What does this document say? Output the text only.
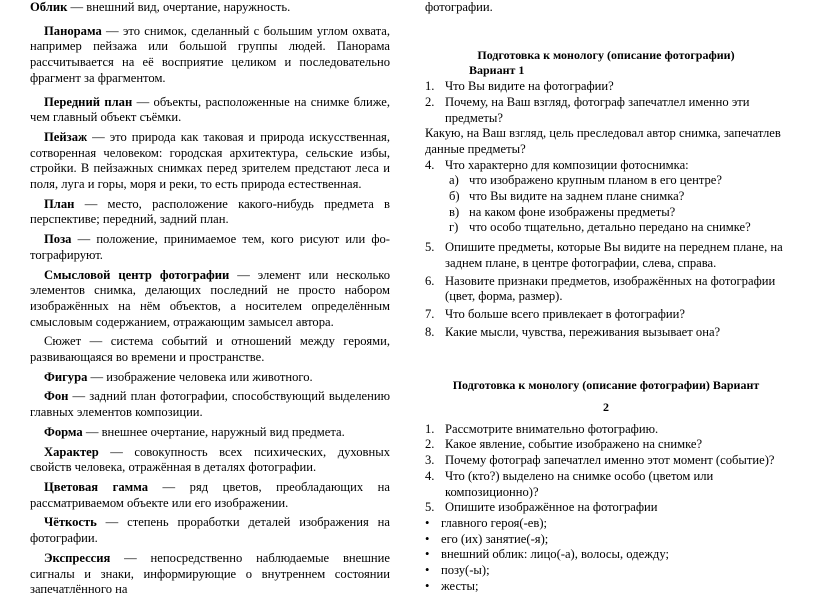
Облик — внешний вид, очертание, наружность.

Панорама — это снимок, сделанный с большим углом охвата, например пейзажа или большой группы людей. Панорама рассчитывается на её восприятие целиком и последовательно фрагмент за фрагментом.

Передний план — объекты, расположенные на снимке ближе, чем главный объект съёмки.

Пейзаж — это природа как таковая и природа искусственная, сотворенная человеком: городская архитектура, сельские избы, стройки. В пейзажных снимках перед зрителем предстают леса и поля, луга и горы, моря и реки, то есть природа естественная.

План — место, расположение какого-нибудь предмета в перспективе; передний, задний план.

Поза — положение, принимаемое тем, кого рисуют или фо-тографируют.

Смысловой центр фотографии — элемент или несколько элементов снимка, делающих последний не просто набором изображённых на нём объектов, а носителем определённым смысловым содержанием, отражающим замысел автора.

Сюжет — система событий и отношений между героями, развивающаяся во времени и пространстве.

Фигура — изображение человека или животного.

Фон — задний план фотографии, способствующий выделению главных элементов композиции.

Форма — внешнее очертание, наружный вид предмета.

Характер — совокупность всех психических, духовных свойств человека, отражённая в деталях фотографии.

Цветовая гамма — ряд цветов, преобладающих на рассматриваемом объекте или его изображении.

Чёткость — степень проработки деталей изображения на фотографии.

Экспрессия — непосредственно наблюдаемые внешние сигналы и знаки, информирующие о внутреннем состоянии запечатлённого на

фотографии.

Подготовка к монологу (описание фотографии)

Вариант 1

1. Что Вы видите на фотографии?
2. Почему, на Ваш взгляд, фотограф запечатлел именно эти предметы?

Какую, на Ваш взгляд, цель преследовал автор снимка, запечатлев данные предметы?

4. Что характерно для композиции фотоснимка:
а) что изображено крупным планом в его центре?
б) что Вы видите на заднем плане снимка?
в) на каком фоне изображены предметы?
г) что особо тщательно, детально передано на снимке?
5. Опишите предметы, которые Вы видите на переднем плане, на заднем плане, в центре фотографии, слева, справа.
6. Назовите признаки предметов, изображённых на фотографии (цвет, форма, размер).
7. Что больше всего привлекает в фотографии?
8. Какие мысли, чувства, переживания вызывает она?

Подготовка к монологу (описание фотографии) Вариант

2

1. Рассмотрите внимательно фотографию.
2. Какое явление, событие изображено на снимке?
3. Почему фотограф запечатлел именно этот момент (событие)?
4. Что (кто?) выделено на снимке особо (цветом или композиционно)?
5. Опишите изображённое на фотографии
• главного героя(-ев);
• его (их) занятие(-я);
• внешний облик: лицо(-а), волосы, одежду;
• позу(-ы);
• жесты;
